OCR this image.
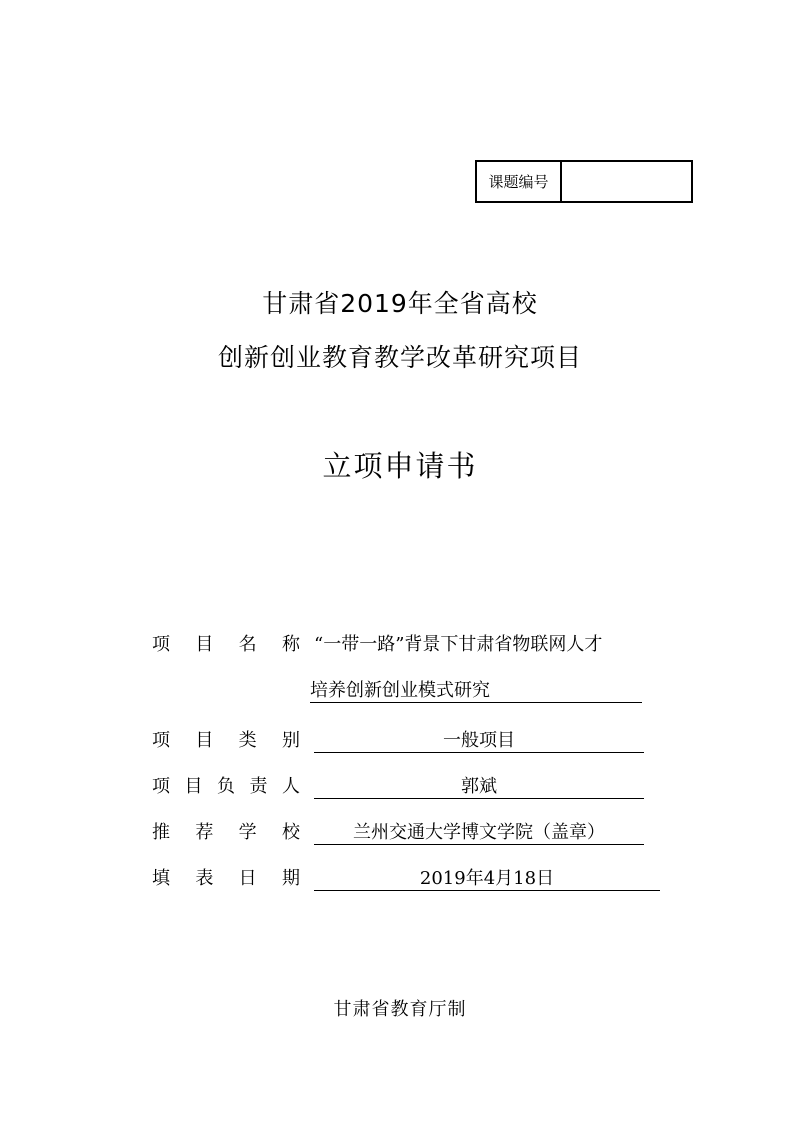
课题编号
甘肃省2019年全省高校
创新创业教育教学改革研究项目
立项申请书
项 目 名 称 “一带一路”背景下甘肃省物联网人才
培养创新创业模式研究
项 目 类 别	一般项目
项 目 负 责 人	郭斌
推 荐 学 校	兰州交通大学博文学院（盖章）
填 表 日 期	2019年4月18日
甘肃省教育厅制
